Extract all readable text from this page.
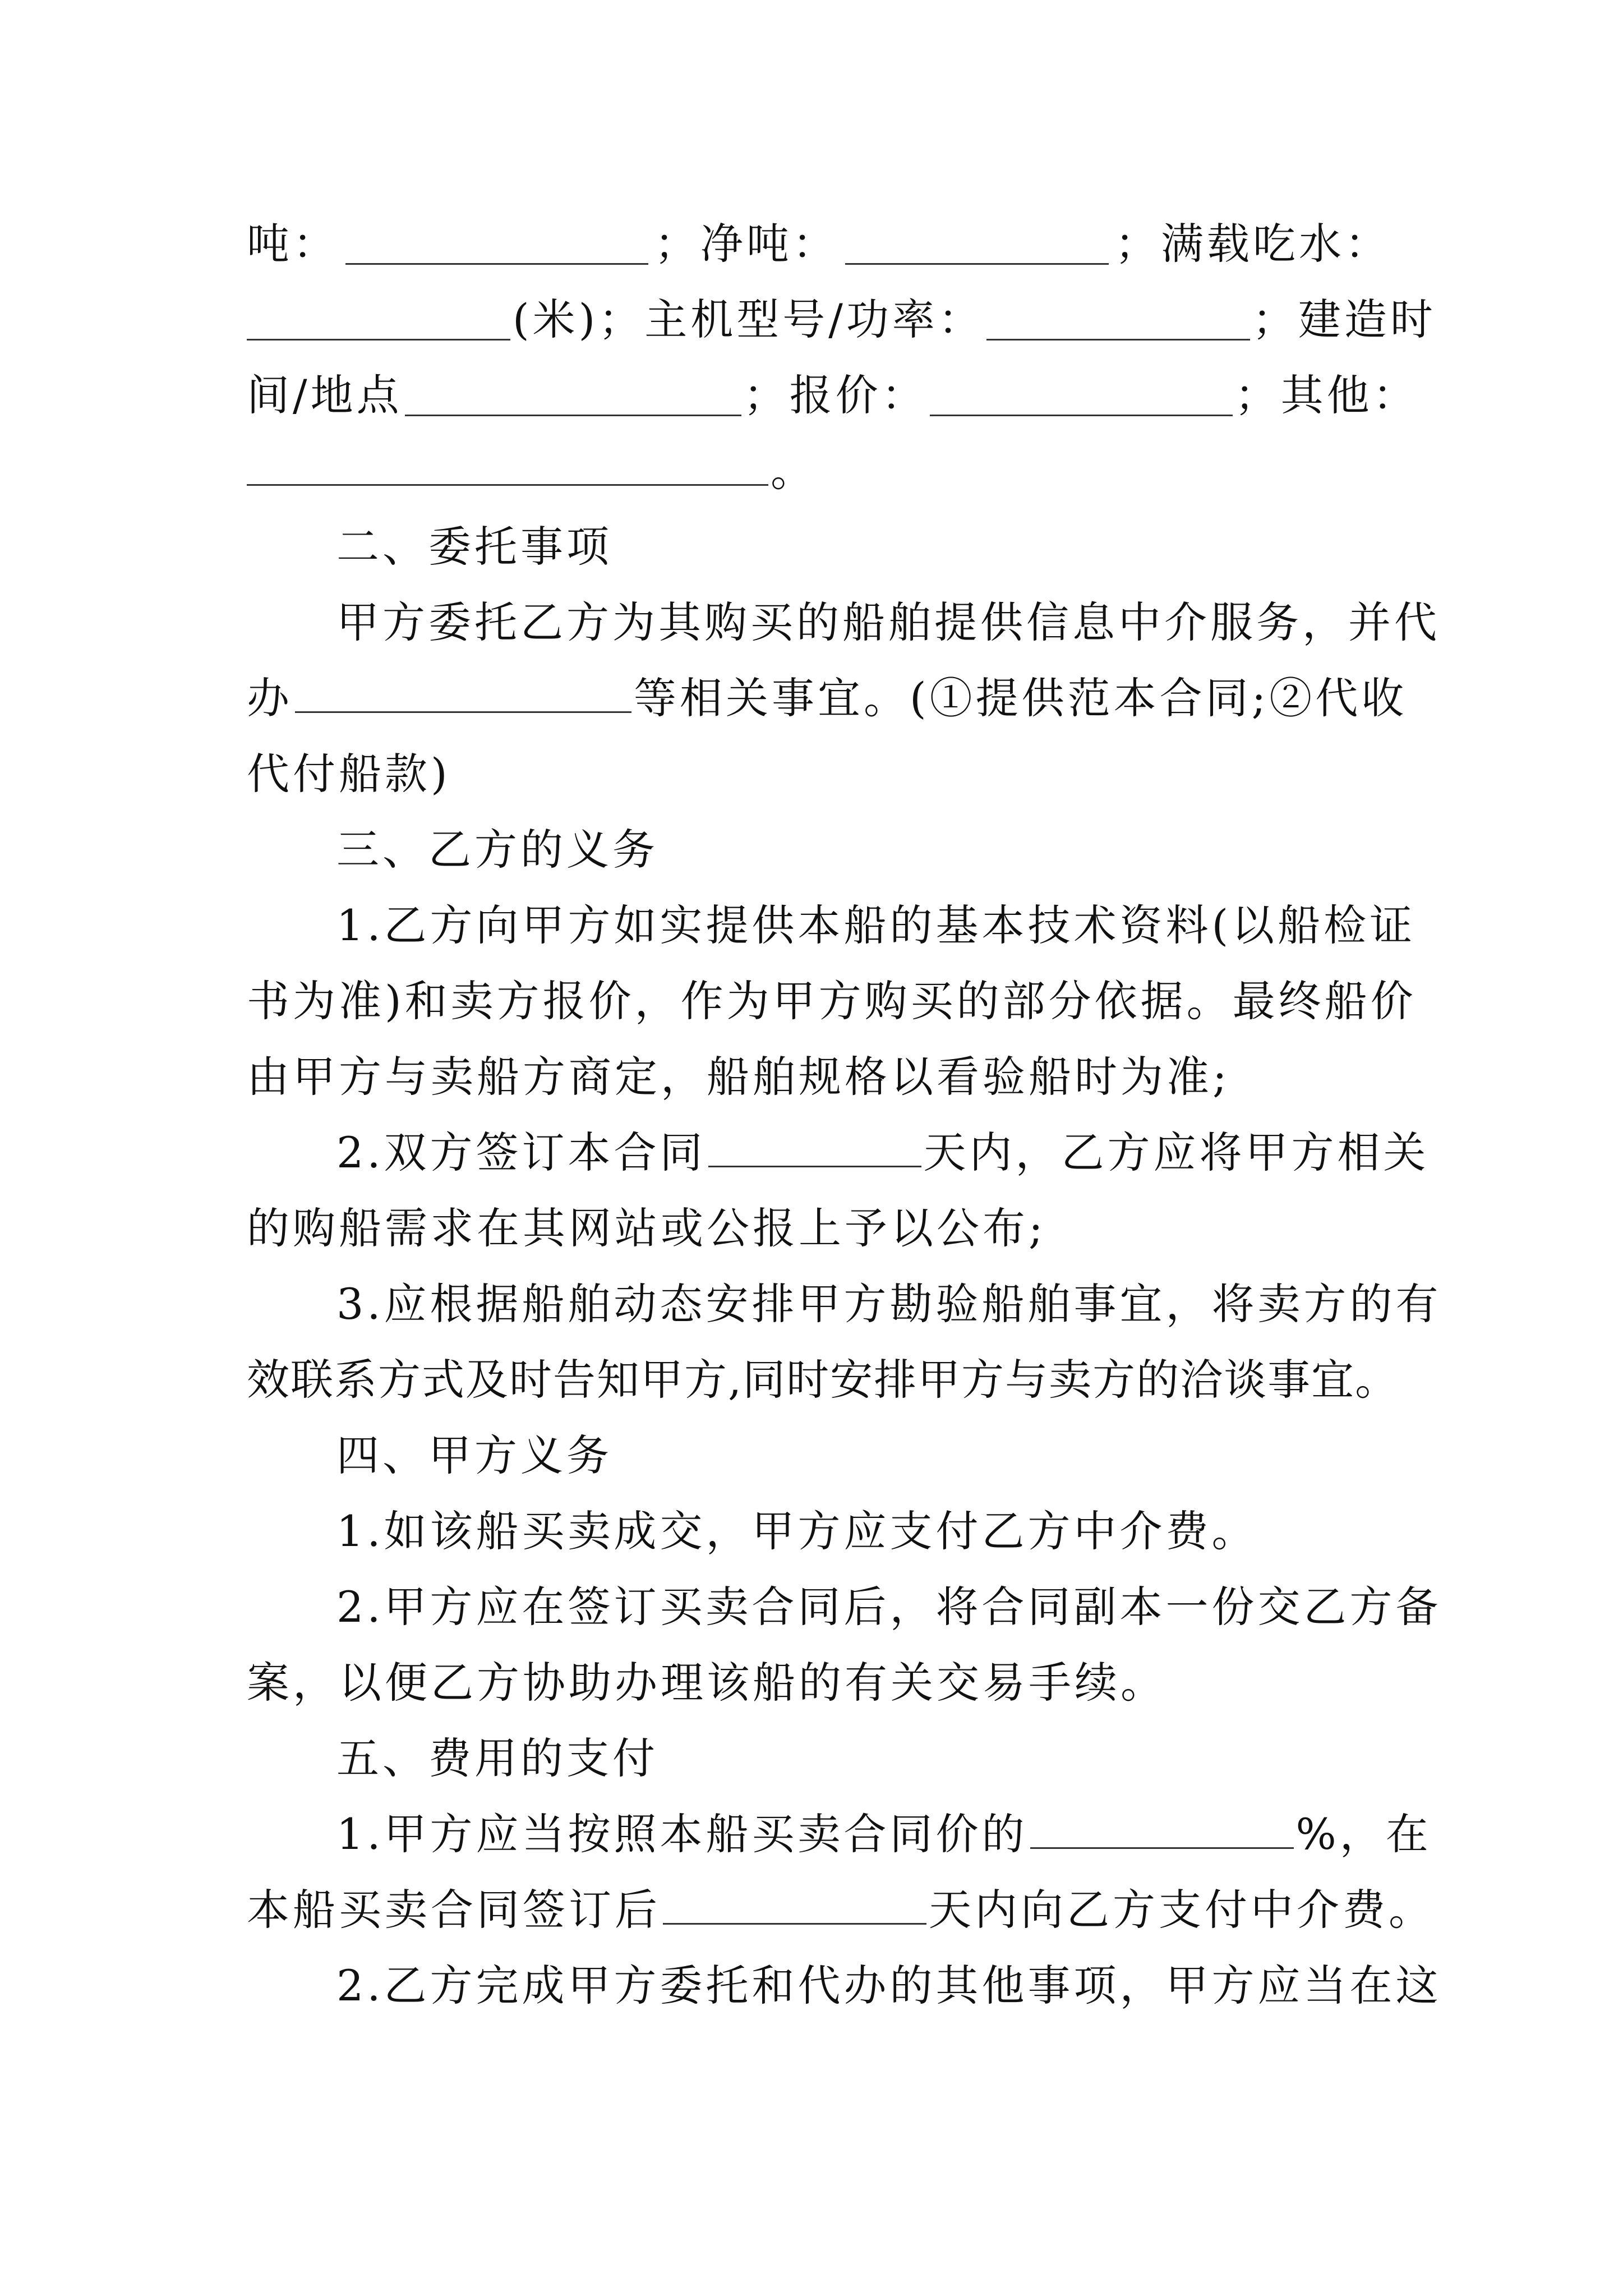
吨：	；净吨：	；满载吃水：
(米)；主机型号/功率：	；建造时
间/地点	；报价：	；其他：
。
二、委托事项
甲方委托乙方为其购买的船舶提供信息中介服务，并代
办	等相关事宜。(①提供范本合同;②代收
代付船款)
三、乙方的义务
1.乙方向甲方如实提供本船的基本技术资料(以船检证
书为准)和卖方报价，作为甲方购买的部分依据。最终船价
由甲方与卖船方商定，船舶规格以看验船时为准;
2.双方签订本合同	天内，乙方应将甲方相关
的购船需求在其网站或公报上予以公布;
3.应根据船舶动态安排甲方勘验船舶事宜，将卖方的有
效联系方式及时告知甲方,同时安排甲方与卖方的洽谈事宜。
四、甲方义务
1.如该船买卖成交，甲方应支付乙方中介费。
2.甲方应在签订买卖合同后，将合同副本一份交乙方备
案，以便乙方协助办理该船的有关交易手续。
五、费用的支付
1.甲方应当按照本船买卖合同价的	%，在
本船买卖合同签订后	天内向乙方支付中介费。
2.乙方完成甲方委托和代办的其他事项，甲方应当在这
